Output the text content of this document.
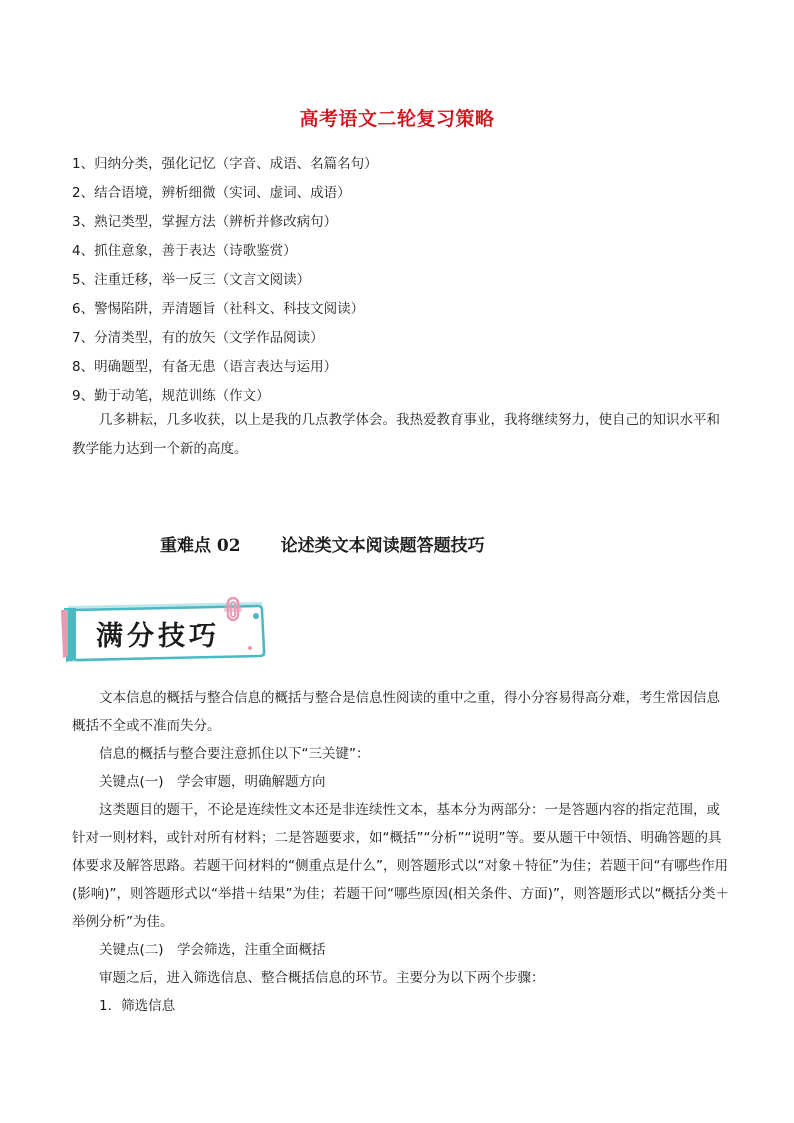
高考语文二轮复习策略
1、归纳分类，强化记忆（字音、成语、名篇名句）
2、结合语境，辨析细微（实词、虚词、成语）
3、熟记类型，掌握方法（辨析并修改病句）
4、抓住意象，善于表达（诗歌鉴赏）
5、注重迁移，举一反三（文言文阅读）
6、警惕陷阱，弄清题旨（社科文、科技文阅读）
7、分清类型，有的放矢（文学作品阅读）
8、明确题型，有备无患（语言表达与运用）
9、勤于动笔，规范训练（作文）

几多耕耘，几多收获，以上是我的几点教学体会。我热爱教育事业，我将继续努力，使自己的知识水平和教学能力达到一个新的高度。

重难点 02 论述类文本阅读题答题技巧
满分技巧

文本信息的概括与整合信息的概括与整合是信息性阅读的重中之重，得小分容易得高分难，考生常因信息概括不全或不准而失分。

信息的概括与整合要注意抓住以下“三关键”：

关键点(一)　学会审题，明确解题方向

这类题目的题干，不论是连续性文本还是非连续性文本，基本分为两部分：一是答题内容的指定范围，或针对一则材料，或针对所有材料；二是答题要求，如“概括”“分析”“说明”等。要从题干中领悟、明确答题的具体要求及解答思路。若题干问材料的“侧重点是什么”，则答题形式以“对象＋特征”为佳；若题干问“有哪些作用(影响)”，则答题形式以“举措＋结果”为佳；若题干问“哪些原因(相关条件、方面)”，则答题形式以“概括分类＋举例分析”为佳。

关键点(二)　学会筛选，注重全面概括

审题之后，进入筛选信息、整合概括信息的环节。主要分为以下两个步骤：

1．筛选信息
